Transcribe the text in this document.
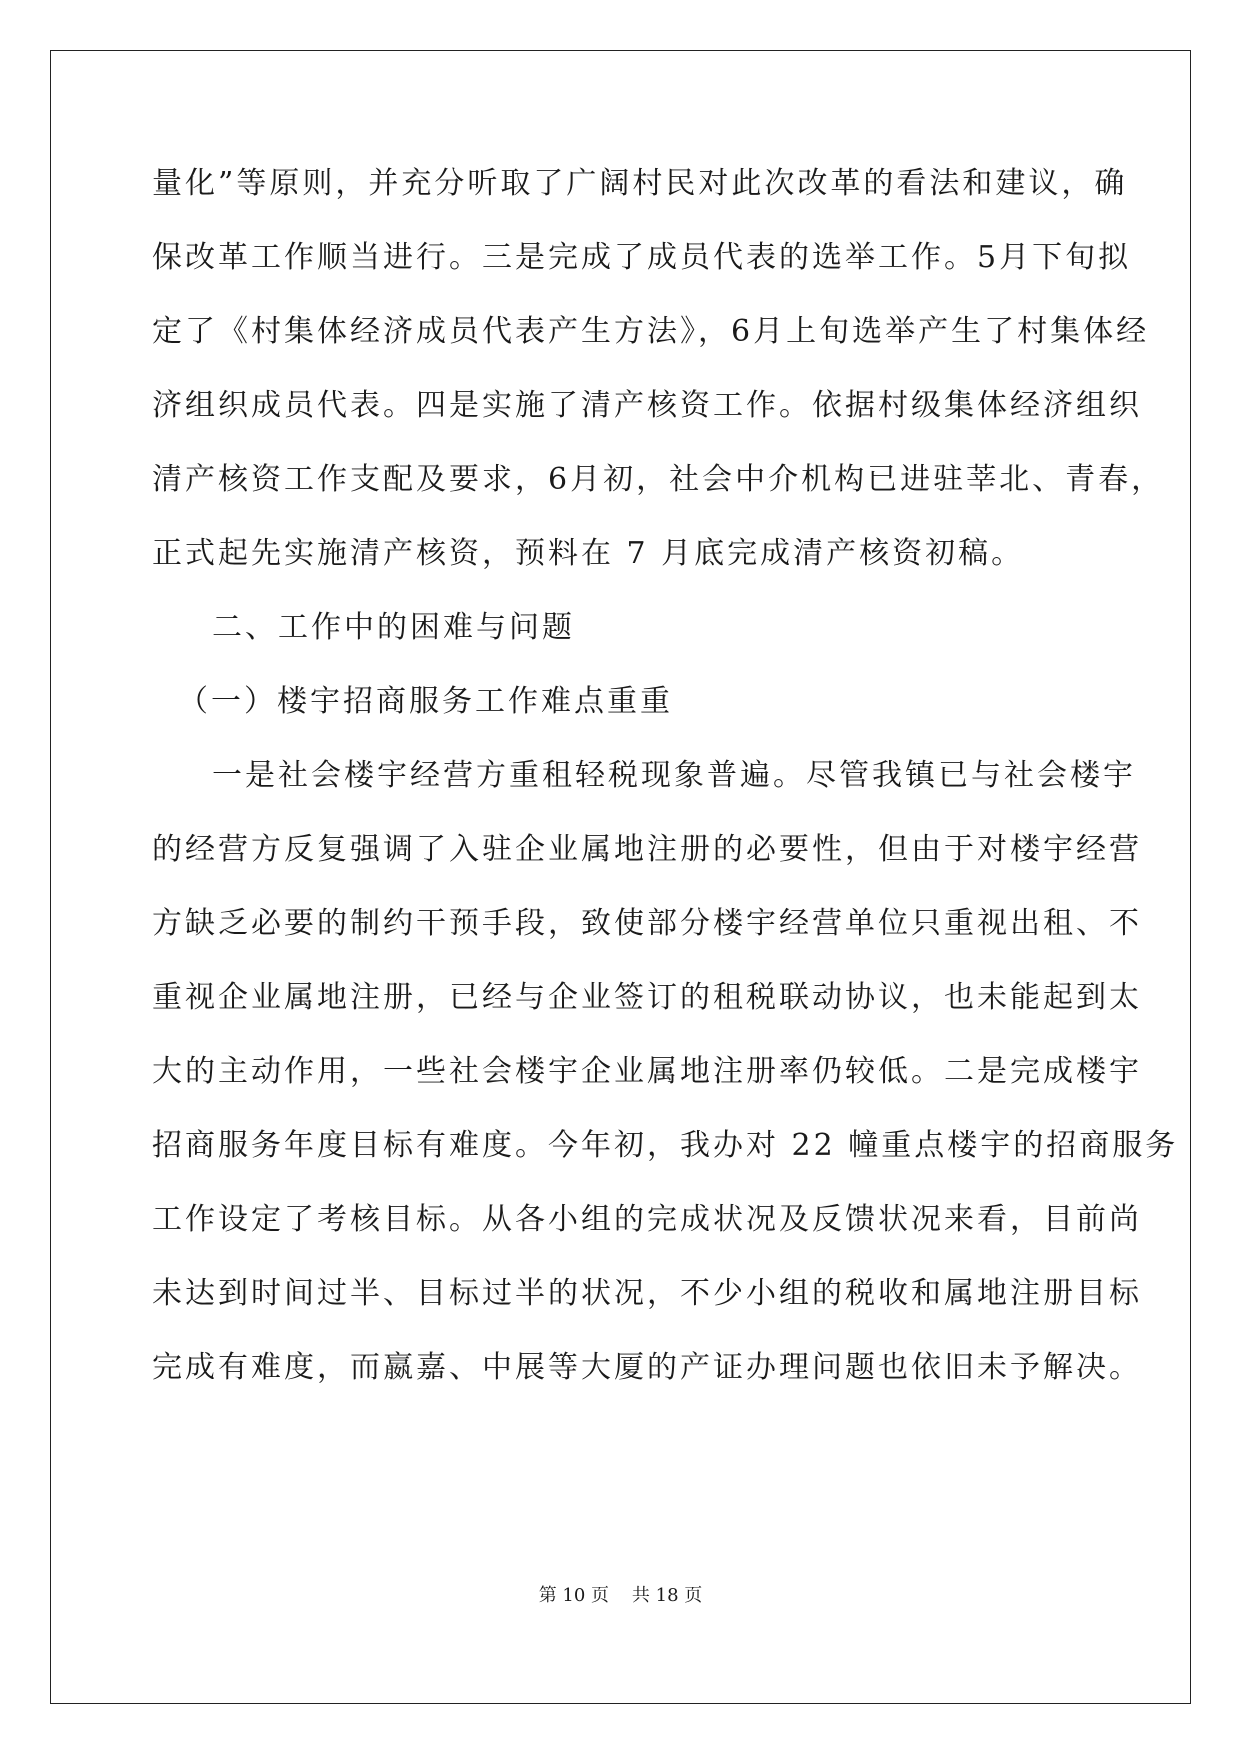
量化”等原则，并充分听取了广阔村民对此次改革的看法和建议，确
保改革工作顺当进行。三是完成了成员代表的选举工作。5月下旬拟
定了《村集体经济成员代表产生方法》，6月上旬选举产生了村集体经
济组织成员代表。四是实施了清产核资工作。依据村级集体经济组织
清产核资工作支配及要求，6月初，社会中介机构已进驻莘北、青春，
正式起先实施清产核资，预料在 7 月底完成清产核资初稿。
二、工作中的困难与问题
（一）楼宇招商服务工作难点重重
一是社会楼宇经营方重租轻税现象普遍。尽管我镇已与社会楼宇
的经营方反复强调了入驻企业属地注册的必要性，但由于对楼宇经营
方缺乏必要的制约干预手段，致使部分楼宇经营单位只重视出租、不
重视企业属地注册，已经与企业签订的租税联动协议，也未能起到太
大的主动作用，一些社会楼宇企业属地注册率仍较低。二是完成楼宇
招商服务年度目标有难度。今年初，我办对 22 幢重点楼宇的招商服务
工作设定了考核目标。从各小组的完成状况及反馈状况来看，目前尚
未达到时间过半、目标过半的状况，不少小组的税收和属地注册目标
完成有难度，而嬴嘉、中展等大厦的产证办理问题也依旧未予解决。
第 10 页    共 18 页
